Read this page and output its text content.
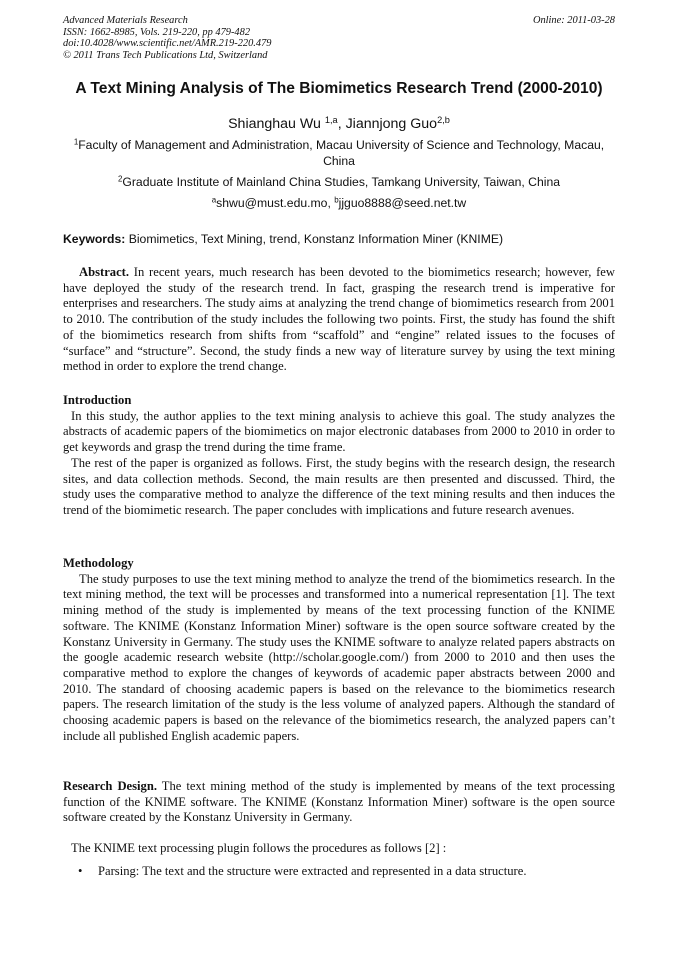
Advanced Materials Research
ISSN: 1662-8985, Vols. 219-220, pp 479-482
doi:10.4028/www.scientific.net/AMR.219-220.479
© 2011 Trans Tech Publications Ltd, Switzerland
Online: 2011-03-28
A Text Mining Analysis of The Biomimetics Research Trend (2000-2010)
Shianghau Wu $^{1,a}$, Jiannjong Guo$^{2,b}$
$^1$Faculty of Management and Administration, Macau University of Science and Technology, Macau, China
$^2$Graduate Institute of Mainland China Studies, Tamkang University, Taiwan, China
$^a$shwu@must.edu.mo, $^b$jjguo8888@seed.net.tw
Keywords: Biomimetics, Text Mining, trend, Konstanz Information Miner (KNIME)

Abstract. In recent years, much research has been devoted to the biomimetics research; however, few have deployed the study of the research trend. In fact, grasping the research trend is imperative for enterprises and researchers. The study aims at analyzing the trend change of biomimetics research from 2001 to 2010. The contribution of the study includes the following two points. First, the study has found the shift of the biomimetics research from shifts from “scaffold” and “engine” related issues to the focuses of “surface” and “structure”. Second, the study finds a new way of literature survey by using the text mining method in order to explore the trend change.

Introduction

In this study, the author applies to the text mining analysis to achieve this goal. The study analyzes the abstracts of academic papers of the biomimetics on major electronic databases from 2000 to 2010 in order to get keywords and grasp the trend during the time frame.

The rest of the paper is organized as follows. First, the study begins with the research design, the research sites, and data collection methods. Second, the main results are then presented and discussed. Third, the study uses the comparative method to analyze the difference of the text mining results and then induces the trend of the biomimetic research. The paper concludes with implications and future research avenues.

Methodology

The study purposes to use the text mining method to analyze the trend of the biomimetics research. In the text mining method, the text will be processes and transformed into a numerical representation [1]. The text mining method of the study is implemented by means of the text processing function of the KNIME software. The KNIME (Konstanz Information Miner) software is the open source software created by the Konstanz University in Germany. The study uses the KNIME software to analyze related papers abstracts on the google academic research website (http://scholar.google.com/) from 2000 to 2010 and then uses the comparative method to explore the changes of keywords of academic paper abstracts between 2000 and 2010. The standard of choosing academic papers is based on the relevance to the biomimetics research papers. The research limitation of the study is the less volume of analyzed papers. Although the standard of choosing academic papers is based on the relevance of the biomimetics research, the analyzed papers can’t include all published English academic papers.

Research Design. The text mining method of the study is implemented by means of the text processing function of the KNIME software. The KNIME (Konstanz Information Miner) software is the open source software created by the Konstanz University in Germany.

The KNIME text processing plugin follows the procedures as follows [2] :
• Parsing: The text and the structure were extracted and represented in a data structure.
